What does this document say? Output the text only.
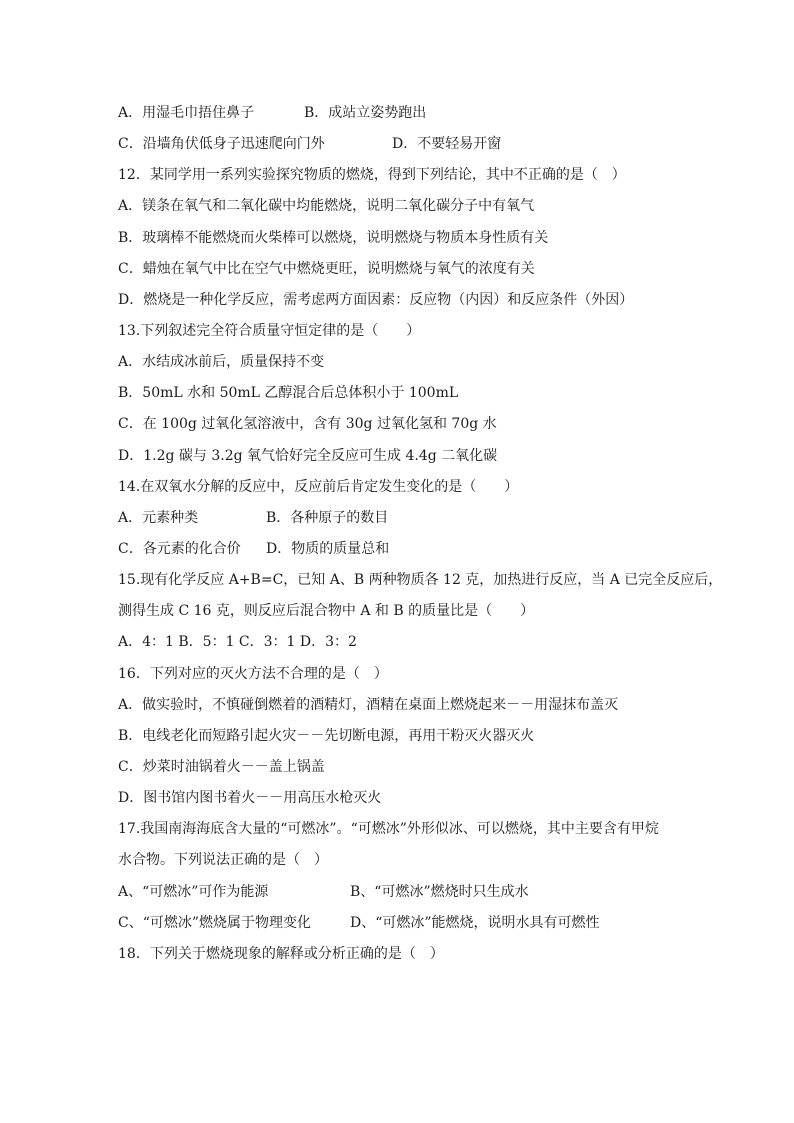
A．用湿毛巾捂住鼻子	B．成站立姿势跑出
C．沿墙角伏低身子迅速爬向门外	D．不要轻易开窗
12．某同学用一系列实验探究物质的燃烧，得到下列结论，其中不正确的是（　）
A．镁条在氧气和二氧化碳中均能燃烧，说明二氧化碳分子中有氧气
B．玻璃棒不能燃烧而火柴棒可以燃烧，说明燃烧与物质本身性质有关
C．蜡烛在氧气中比在空气中燃烧更旺，说明燃烧与氧气的浓度有关
D．燃烧是一种化学反应，需考虑两方面因素：反应物（内因）和反应条件（外因）
13.下列叙述完全符合质量守恒定律的是（　　）
A．水结成冰前后，质量保持不变
B．50mL 水和 50mL 乙醇混合后总体积小于 100mL
C．在 100g 过氧化氢溶液中，含有 30g 过氧化氢和 70g 水
D．1.2g 碳与 3.2g 氧气恰好完全反应可生成 4.4g 二氧化碳
14.在双氧水分解的反应中，反应前后肯定发生变化的是（　　）
A．元素种类	B．各种原子的数目
C．各元素的化合价 D．物质的质量总和
15.现有化学反应 A+B=C，已知 A、B 两种物质各 12 克，加热进行反应，当 A 已完全反应后，
测得生成 C 16 克，则反应后混合物中 A 和 B 的质量比是（　　）
A．4：1 B．5：1 C．3：1 D．3：2
16．下列对应的灭火方法不合理的是（　）
A．做实验时，不慎碰倒燃着的酒精灯，酒精在桌面上燃烧起来－－用湿抹布盖灭
B．电线老化而短路引起火灾－－先切断电源，再用干粉灭火器灭火
C．炒菜时油锅着火－－盖上锅盖
D．图书馆内图书着火－－用高压水枪灭火
17.我国南海海底含大量的“可燃冰”。“可燃冰”外形似冰、可以燃烧，其中主要含有甲烷
水合物。下列说法正确的是（　）
A、“可燃冰”可作为能源	B、“可燃冰”燃烧时只生成水
C、“可燃冰”燃烧属于物理变化	D、“可燃冰”能燃烧，说明水具有可燃性
18．下列关于燃烧现象的解释或分析正确的是（　）
